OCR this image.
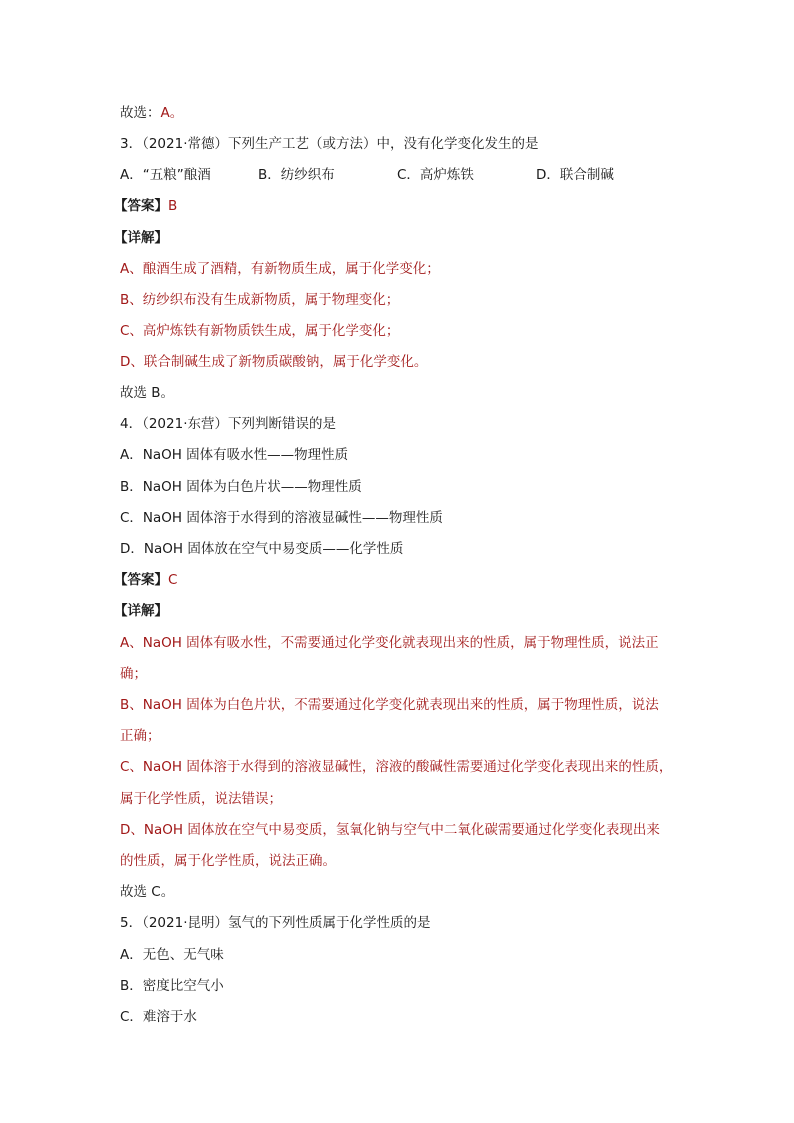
故选：A。
3．（2021·常德）下列生产工艺（或方法）中，没有化学变化发生的是
A．“五粮”酿酒	B．纺纱织布	C．高炉炼铁	D．联合制碱
【答案】B
【详解】
A、酿酒生成了酒精，有新物质生成，属于化学变化；
B、纺纱织布没有生成新物质，属于物理变化；
C、高炉炼铁有新物质铁生成，属于化学变化；
D、联合制碱生成了新物质碳酸钠，属于化学变化。
故选 B。
4．（2021·东营）下列判断错误的是
A．NaOH 固体有吸水性——物理性质
B．NaOH 固体为白色片状——物理性质
C．NaOH 固体溶于水得到的溶液显碱性——物理性质
D．NaOH 固体放在空气中易变质——化学性质
【答案】C
【详解】
A、NaOH 固体有吸水性，不需要通过化学变化就表现出来的性质，属于物理性质，说法正
确；
B、NaOH 固体为白色片状，不需要通过化学变化就表现出来的性质，属于物理性质，说法
正确；
C、NaOH 固体溶于水得到的溶液显碱性，溶液的酸碱性需要通过化学变化表现出来的性质，
属于化学性质，说法错误；
D、NaOH 固体放在空气中易变质，氢氧化钠与空气中二氧化碳需要通过化学变化表现出来
的性质，属于化学性质，说法正确。
故选 C。
5．（2021·昆明）氢气的下列性质属于化学性质的是
A．无色、无气味
B．密度比空气小
C．难溶于水
